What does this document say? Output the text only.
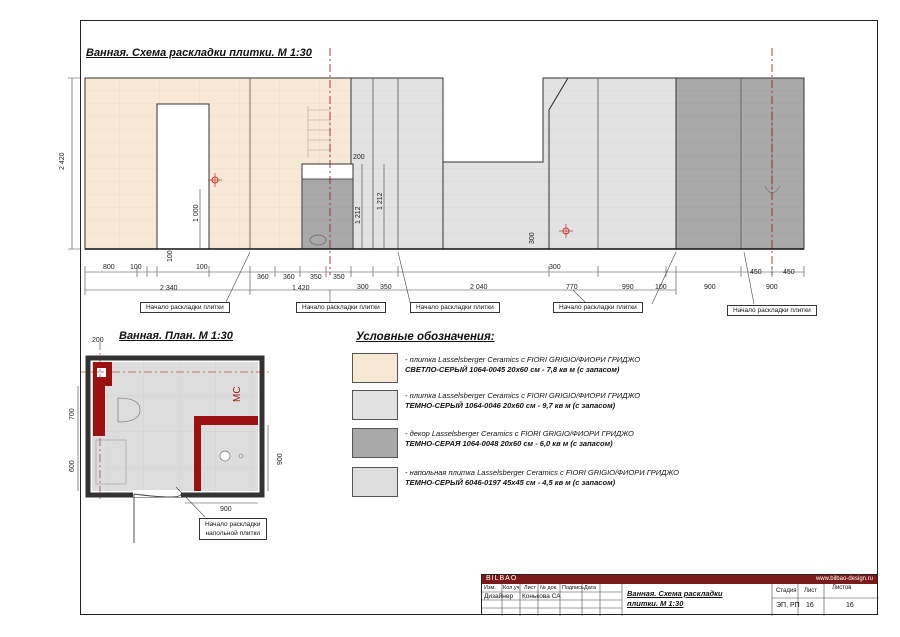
Ванная. Схема раскладки плитки. М 1:30
2 420
800 100	100
360 360 350 350
300 350	2 040	770	990	100	900	900
450	450
2 340	1 420
200
1 000
100
1 212
1 212
300
300
200
700
600
900
900
МС
Начало раскладки плитки	Начало раскладки плитки	Начало раскладки плитки	Начало раскладки плитки	Начало раскладки плитки
Ванная. План. М 1:30
Начало раскладки
напольной плитки
Условные обозначения:
- плитка Lasselsberger Ceramics с FIORI GRIGIO/ФИОРИ ГРИДЖО
СВЕТЛО-СЕРЫЙ 1064-0045 20x60 см - 7,8 кв м (с запасом)
- плитка Lasselsberger Ceramics с FIORI GRIGIO/ФИОРИ ГРИДЖО
ТЕМНО-СЕРЫЙ 1064-0046 20x60 см - 9,7 кв м (с запасом)
- декор Lasselsberger Ceramics с FIORI GRIGIO/ФИОРИ ГРИДЖО
ТЕМНО-СЕРАЯ 1064-0048 20x60 см - 6,0 кв м (с запасом)
- напольная плитка Lasselsberger Ceramics с FIORI GRIGIO/ФИОРИ ГРИДЖО
ТЕМНО-СЕРЫЙ 6046-0197 45x45 см - 4,5 кв м (с запасом)
BILBAO	www.bilbao-design.ru
Изм. Кол.уч Лист № док. Подпись Дата
Дизайнер Конькова СА	Ванная. Схема раскладки
плитки. М 1:30
Стадия Лист Листов
ЭП, РП 16	16
